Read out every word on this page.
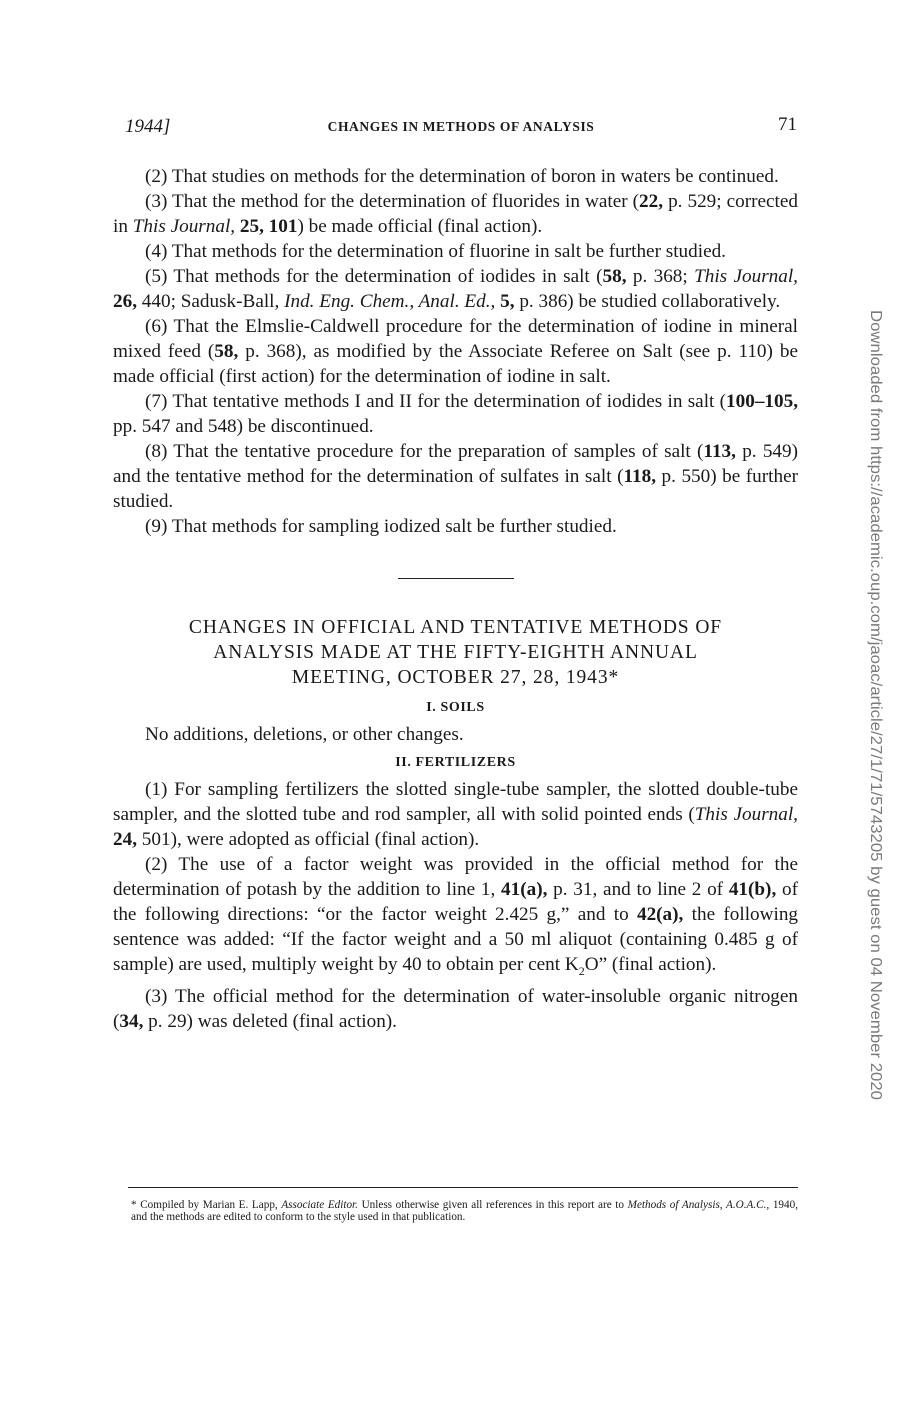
1944]	CHANGES IN METHODS OF ANALYSIS	71

(2) That studies on methods for the determination of boron in waters be continued.

(3) That the method for the determination of fluorides in water (22, p. 529; corrected in This Journal, 25, 101) be made official (final action).

(4) That methods for the determination of fluorine in salt be further studied.

(5) That methods for the determination of iodides in salt (58, p. 368; This Journal, 26, 440; Sadusk-Ball, Ind. Eng. Chem., Anal. Ed., 5, p. 386) be studied collaboratively.

(6) That the Elmslie-Caldwell procedure for the determination of iodine in mineral mixed feed (58, p. 368), as modified by the Associate Referee on Salt (see p. 110) be made official (first action) for the determination of iodine in salt.

(7) That tentative methods I and II for the determination of iodides in salt (100–105, pp. 547 and 548) be discontinued.

(8) That the tentative procedure for the preparation of samples of salt (113, p. 549) and the tentative method for the determination of sulfates in salt (118, p. 550) be further studied.

(9) That methods for sampling iodized salt be further studied.

CHANGES IN OFFICIAL AND TENTATIVE METHODS OF
ANALYSIS MADE AT THE FIFTY-EIGHTH ANNUAL
MEETING, OCTOBER 27, 28, 1943*
I. SOILS

No additions, deletions, or other changes.

II. FERTILIZERS

(1) For sampling fertilizers the slotted single-tube sampler, the slotted double-tube sampler, and the slotted tube and rod sampler, all with solid pointed ends (This Journal, 24, 501), were adopted as official (final action).

(2) The use of a factor weight was provided in the official method for the determination of potash by the addition to line 1, 41(a), p. 31, and to line 2 of 41(b), of the following directions: “or the factor weight 2.425 g,” and to 42(a), the following sentence was added: “If the factor weight and a 50 ml aliquot (containing 0.485 g of sample) are used, multiply weight by 40 to obtain per cent $K_2O$” (final action).

(3) The official method for the determination of water-insoluble organic nitrogen (34, p. 29) was deleted (final action).

* Compiled by Marian E. Lapp, Associate Editor. Unless otherwise given all references in this report are to Methods of Analysis, A.O.A.C., 1940, and the methods are edited to conform to the style used in that publication.
Downloaded from https://academic.oup.com/jaoac/article/27/1/71/5743205 by guest on 04 November 2020
